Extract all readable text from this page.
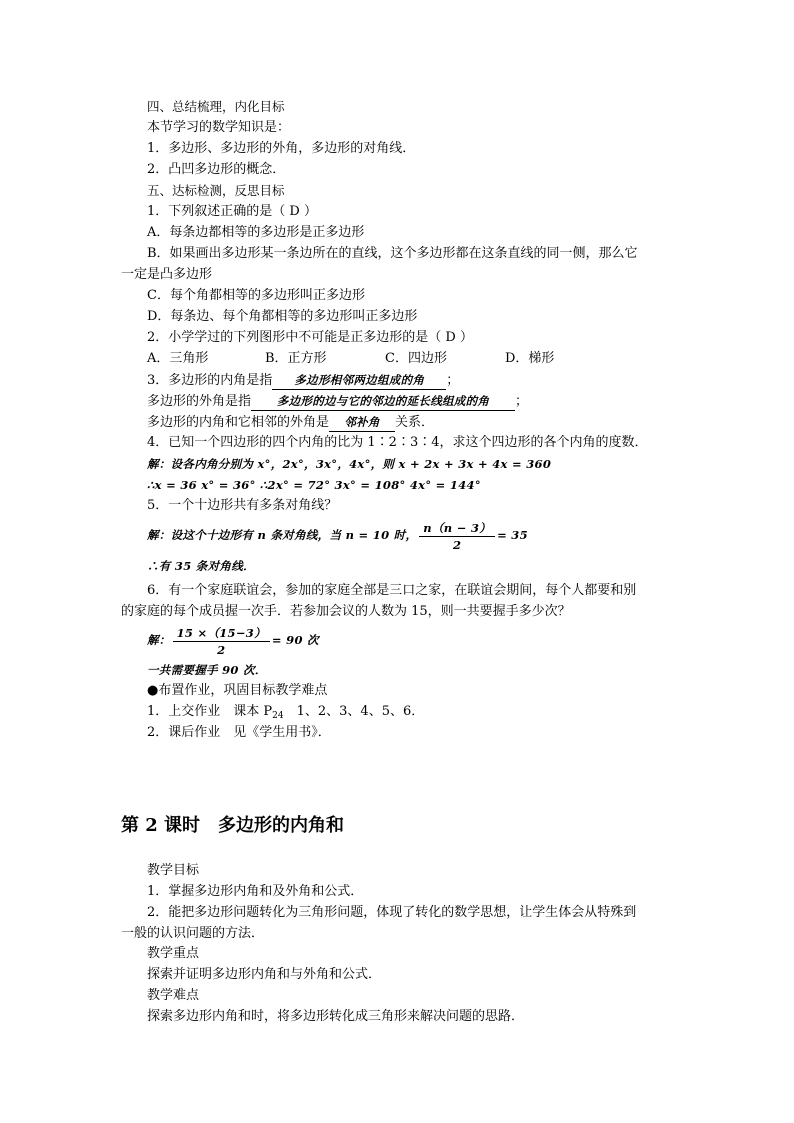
四、总结梳理，内化目标
本节学习的数学知识是：
1．多边形、多边形的外角，多边形的对角线．
2．凸凹多边形的概念．
五、达标检测，反思目标
1．下列叙述正确的是（ D ）
A．每条边都相等的多边形是正多边形
B．如果画出多边形某一条边所在的直线，这个多边形都在这条直线的同一侧，那么它
一定是凸多边形
C．每个角都相等的多边形叫正多边形
D．每条边、每个角都相等的多边形叫正多边形
2．小学学过的下列图形中不可能是正多边形的是（ D ）
A．三角形	B．正方形	C．四边形	D．梯形
3．多边形的内角是指 多边形相邻两边组成的角 ；
多边形的外角是指 多边形的边与它的邻边的延长线组成的角 ；
多边形的内角和它相邻的外角是 邻补角 关系．
4．已知一个四边形的四个内角的比为 1∶2∶3∶4，求这个四边形的各个内角的度数．
解：设各内角分别为 x°，2x°，3x°，4x°，则 x + 2x + 3x + 4x = 360
∴x = 36 x° = 36° ∴2x° = 72° 3x° = 108° 4x° = 144°
5．一个十边形共有多条对角线？
解：设这个十边形有 n 条对角线，当 n = 10 时， $\frac{n(n - 3)}{2} = 35$
∴有 35 条对角线．
6．有一个家庭联谊会，参加的家庭全部是三口之家，在联谊会期间，每个人都要和别
的家庭的每个成员握一次手．若参加会议的人数为 15，则一共要握手多少次？
解： $\frac{15 \times(15-3)}{2} = 90$ 次
一共需要握手 90 次．
●布置作业，巩固目标教学难点
1．上交作业　课本 $P_{24}$　1、2、3、4、5、6．
2．课后作业　见《学生用书》．
第 2 课时　多边形的内角和
教学目标
1．掌握多边形内角和及外角和公式．
2．能把多边形问题转化为三角形问题，体现了转化的数学思想，让学生体会从特殊到
一般的认识问题的方法．
教学重点
探索并证明多边形内角和与外角和公式．
教学难点
探索多边形内角和时，将多边形转化成三角形来解决问题的思路．
